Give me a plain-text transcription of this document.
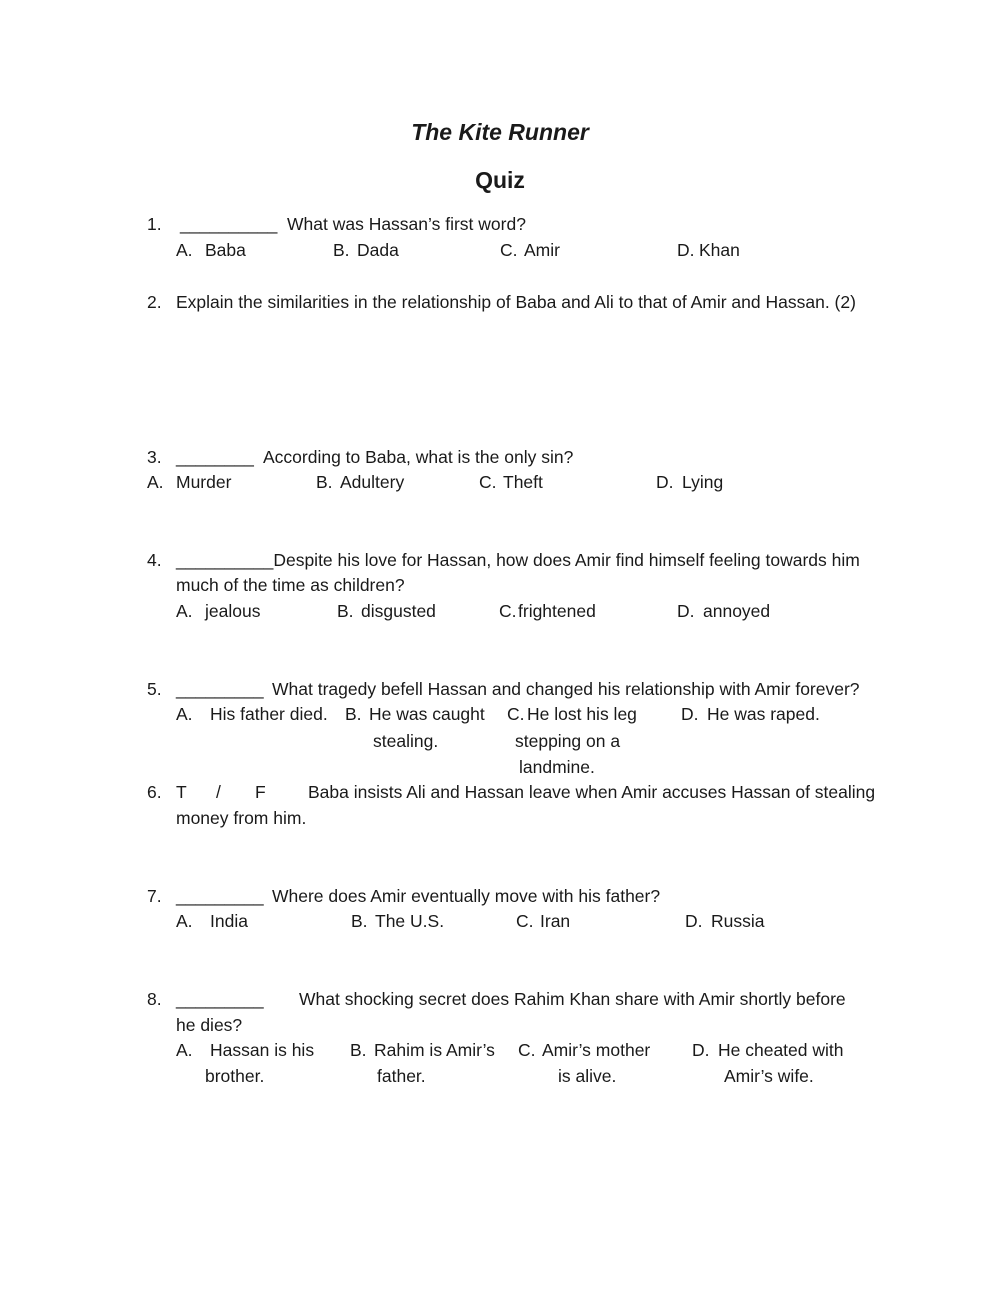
The Kite Runner
Quiz
1. __________ What was Hassan’s first word?
A. Baba	B. Dada	C. Amir	D. Khan
2. Explain the similarities in the relationship of Baba and Ali to that of Amir and Hassan. (2)
3. ________ According to Baba, what is the only sin?
A. Murder	B. Adultery	C. Theft	D. Lying
4. __________Despite his love for Hassan, how does Amir find himself feeling towards him
much of the time as children?
A. jealous	B. disgusted	C. frightened	D. annoyed
5. _________ What tragedy befell Hassan and changed his relationship with Amir forever?
A. His father died. B. He was caught
stealing.
C. He lost his leg
stepping on a
landmine.
D. He was raped.
6. T / F Baba insists Ali and Hassan leave when Amir accuses Hassan of stealing
money from him.
7. _________ Where does Amir eventually move with his father?
A. India	B. The U.S.	C. Iran	D. Russia
8. _________ What shocking secret does Rahim Khan share with Amir shortly before
he dies?
A. Hassan is his
brother.
B. Rahim is Amir’s
father.
C. Amir’s mother
is alive.
D. He cheated with
Amir’s wife.
